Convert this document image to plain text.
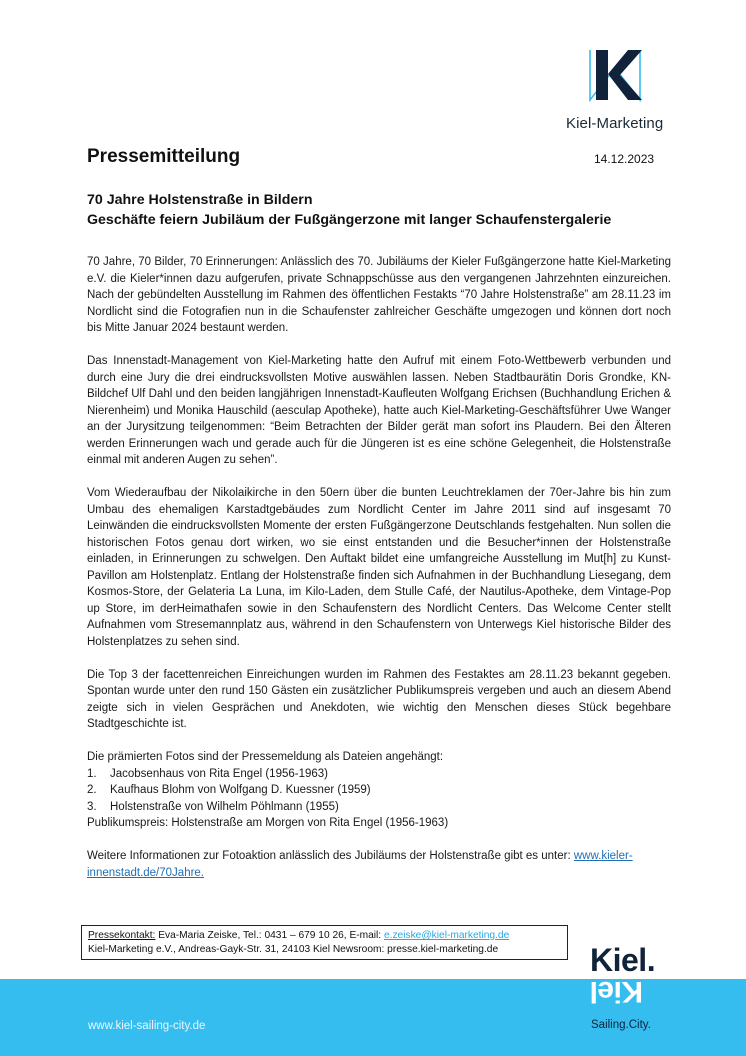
Kiel-Marketing
Pressemitteilung	14.12.2023
70 Jahre Holstenstraße in Bildern
Geschäfte feiern Jubiläum der Fußgängerzone mit langer Schaufenstergalerie

70 Jahre, 70 Bilder, 70 Erinnerungen: Anlässlich des 70. Jubiläums der Kieler Fußgängerzone hatte Kiel-Marketing e.V. die Kieler*innen dazu aufgerufen, private Schnappschüsse aus den vergangenen Jahrzehnten einzureichen. Nach der gebündelten Ausstellung im Rahmen des öffentlichen Festakts “70 Jahre Holstenstraße” am 28.11.23 im Nordlicht sind die Fotografien nun in die Schaufenster zahlreicher Geschäfte umgezogen und können dort noch bis Mitte Januar 2024 bestaunt werden.

Das Innenstadt-Management von Kiel-Marketing hatte den Aufruf mit einem Foto-Wettbewerb verbunden und durch eine Jury die drei eindrucksvollsten Motive auswählen lassen. Neben Stadtbaurätin Doris Grondke, KN-Bildchef Ulf Dahl und den beiden langjährigen Innenstadt-Kaufleuten Wolfgang Erichsen (Buchhandlung Erichen & Nierenheim) und Monika Hauschild (aesculap Apotheke), hatte auch Kiel-Marketing-Geschäftsführer Uwe Wanger an der Jurysitzung teilgenommen: “Beim Betrachten der Bilder gerät man sofort ins Plaudern. Bei den Älteren werden Erinnerungen wach und gerade auch für die Jüngeren ist es eine schöne Gelegenheit, die Holstenstraße einmal mit anderen Augen zu sehen”.

Vom Wiederaufbau der Nikolaikirche in den 50ern über die bunten Leuchtreklamen der 70er-Jahre bis hin zum Umbau des ehemaligen Karstadtgebäudes zum Nordlicht Center im Jahre 2011 sind auf insgesamt 70 Leinwänden die eindrucksvollsten Momente der ersten Fußgängerzone Deutschlands festgehalten. Nun sollen die historischen Fotos genau dort wirken, wo sie einst entstanden und die Besucher*innen der Holstenstraße einladen, in Erinnerungen zu schwelgen. Den Auftakt bildet eine umfangreiche Ausstellung im Mut[h] zu Kunst-Pavillon am Holstenplatz. Entlang der Holstenstraße finden sich Aufnahmen in der Buchhandlung Liesegang, dem Kosmos-Store, der Gelateria La Luna, im Kilo-Laden, dem Stulle Café, der Nautilus-Apotheke, dem Vintage-Pop up Store, im derHeimathafen sowie in den Schaufenstern des Nordlicht Centers. Das Welcome Center stellt Aufnahmen vom Stresemannplatz aus, während in den Schaufenstern von Unterwegs Kiel historische Bilder des Holstenplatzes zu sehen sind.

Die Top 3 der facettenreichen Einreichungen wurden im Rahmen des Festaktes am 28.11.23 bekannt gegeben. Spontan wurde unter den rund 150 Gästen ein zusätzlicher Publikumspreis vergeben und auch an diesem Abend zeigte sich in vielen Gesprächen und Anekdoten, wie wichtig den Menschen dieses Stück begehbare Stadtgeschichte ist.

Die prämierten Fotos sind der Pressemeldung als Dateien angehängt:
1.	Jacobsenhaus von Rita Engel (1956-1963)
2.	Kaufhaus Blohm von Wolfgang D. Kuessner (1959)
3.	Holstenstraße von Wilhelm Pöhlmann (1955)
Publikumspreis: Holstenstraße am Morgen von Rita Engel (1956-1963)

Weitere Informationen zur Fotoaktion anlässlich des Jubiläums der Holstenstraße gibt es unter: www.kieler-innenstadt.de/70Jahre.

Pressekontakt: Eva-Maria Zeiske, Tel.: 0431 – 679 10 26, E-mail: e.zeiske@kiel-marketing.de
Kiel-Marketing e.V., Andreas-Gayk-Str. 31, 24103 Kiel Newsroom: presse.kiel-marketing.de
www.kiel-sailing-city.de
Kiel.
Kiel
Sailing.City.
